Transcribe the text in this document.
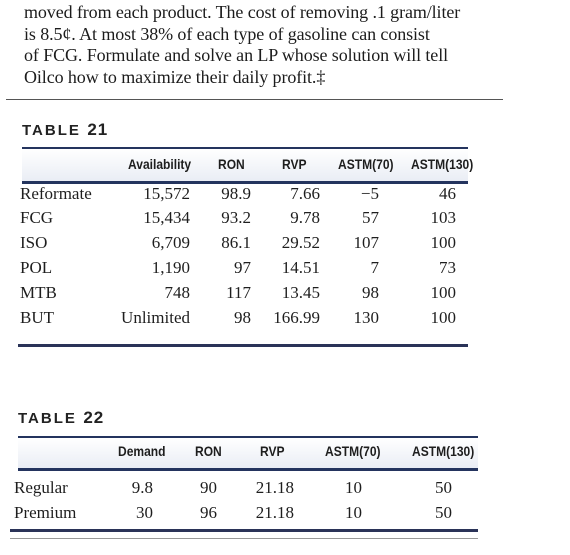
moved from each product. The cost of removing .1 gram/liter
is 8.5¢. At most 38% of each type of gasoline can consist
of FCG. Formulate and solve an LP whose solution will tell
Oilco how to maximize their daily profit.‡
TABLE 21
Availability RON	RVP ASTM(70) ASTM(130)
Reformate	15,572 98.9 7.66 −5	46
FCG	15,434 93.2 9.78 57	103
ISO	6,709 86.1 29.52 107	100
POL	1,190	97 14.51	7	73
MTB	748 117 13.45 98	100
BUT	Unlimited	98 166.99 130	100
TABLE 22
Demand RON	RVP	ASTM(70) ASTM(130)
Regular	9.8	90 21.18	10	50
Premium	30	96 21.18	10	50
